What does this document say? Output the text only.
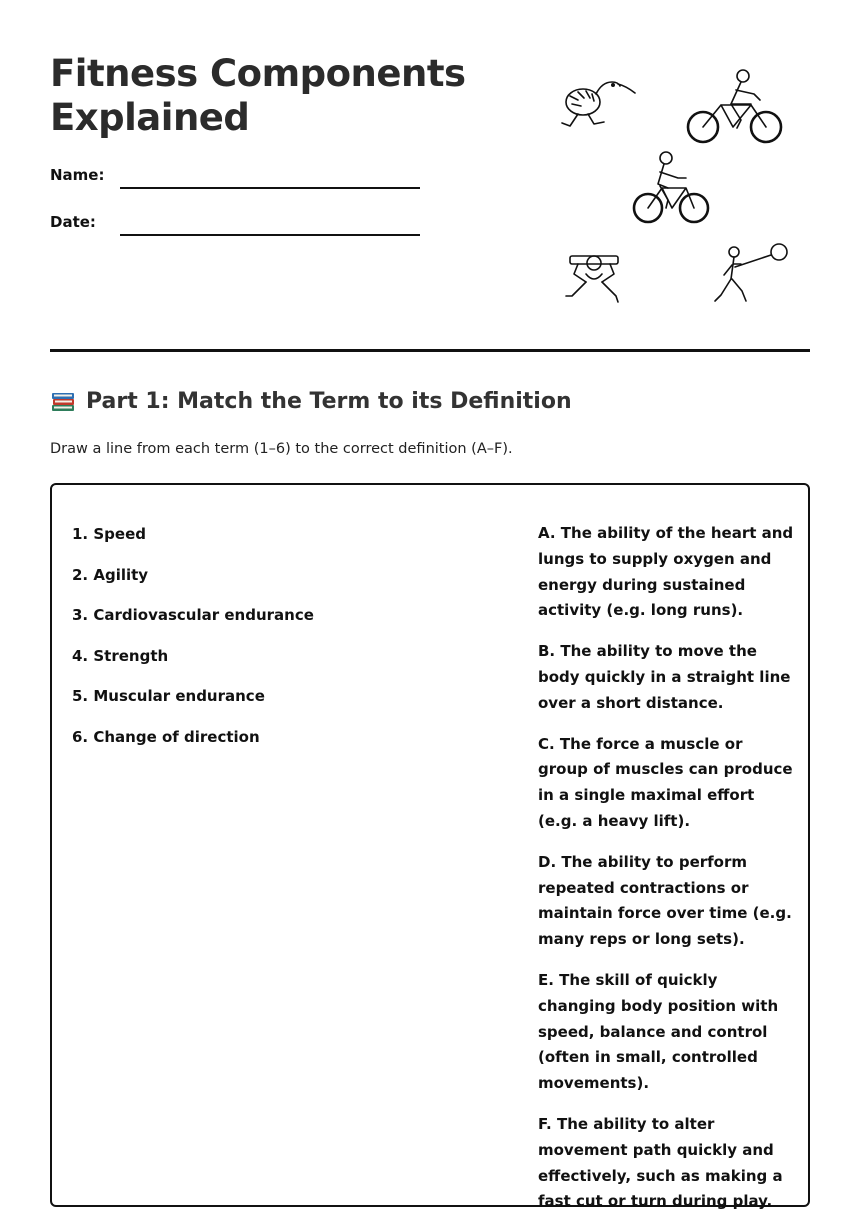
Fitness Components
Explained
Name:
Date:
Part 1: Match the Term to its Definition
Draw a line from each term (1–6) to the correct definition (A–F).
1. Speed
2. Agility
3. Cardiovascular endurance
4. Strength
5. Muscular endurance
6. Change of direction
A. The ability of the heart and lungs to supply oxygen and energy during sustained activity (e.g. long runs).
B. The ability to move the body quickly in a straight line over a short distance.
C. The force a muscle or group of muscles can produce in a single maximal effort (e.g. a heavy lift).
D. The ability to perform repeated contractions or maintain force over time (e.g. many reps or long sets).
E. The skill of quickly changing body position with speed, balance and control (often in small, controlled movements).
F. The ability to alter movement path quickly and effectively, such as making a fast cut or turn during play.
